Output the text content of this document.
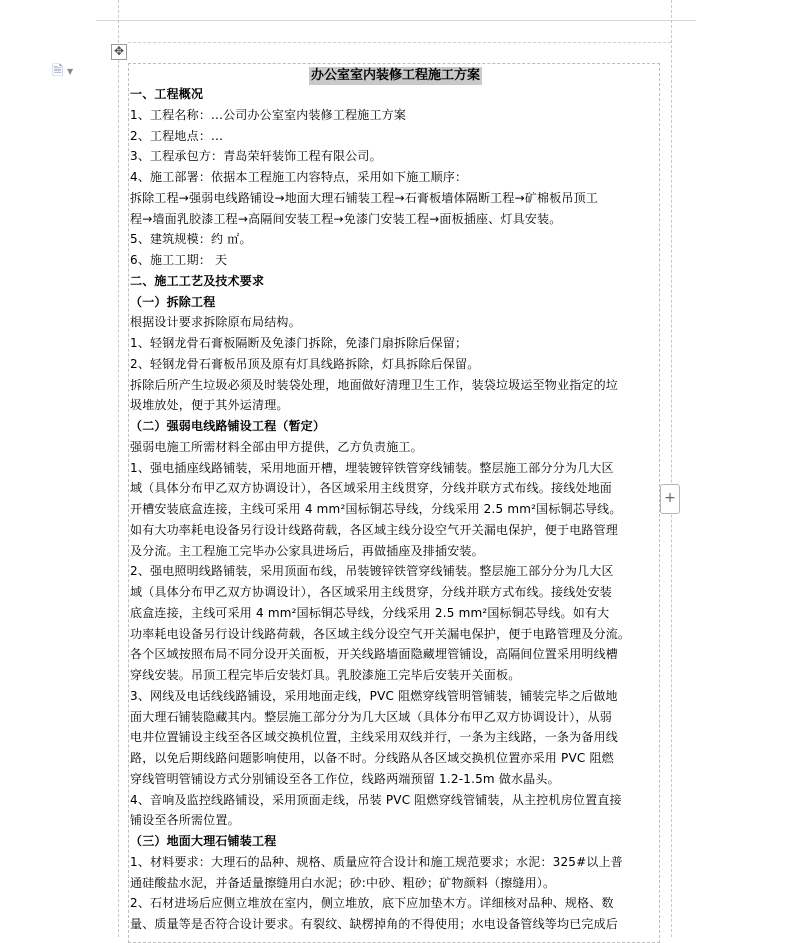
🗎 ▼
✥
+
办公室室内装修工程施工方案
一、工程概况
1、工程名称：...公司办公室室内装修工程施工方案
2、工程地点：...
3、工程承包方：青岛荣轩装饰工程有限公司。
4、施工部署：依据本工程施工内容特点，采用如下施工顺序：
拆除工程→强弱电线路铺设→地面大理石铺装工程→石膏板墙体隔断工程→矿棉板吊顶工
程→墙面乳胶漆工程→高隔间安装工程→免漆门安装工程→面板插座、灯具安装。
5、建筑规模：约 ㎡。
6、施工工期： 天
二、施工工艺及技术要求
（一）拆除工程
根据设计要求拆除原布局结构。
1、轻钢龙骨石膏板隔断及免漆门拆除，免漆门扇拆除后保留；
2、轻钢龙骨石膏板吊顶及原有灯具线路拆除，灯具拆除后保留。
拆除后所产生垃圾必须及时装袋处理，地面做好清理卫生工作，装袋垃圾运至物业指定的垃
圾堆放处，便于其外运清理。
（二）强弱电线路铺设工程（暂定）
强弱电施工所需材料全部由甲方提供，乙方负责施工。
1、强电插座线路铺装，采用地面开槽，埋装镀锌铁管穿线铺装。整层施工部分分为几大区
域（具体分布甲乙双方协调设计），各区域采用主线贯穿，分线并联方式布线。接线处地面
开槽安装底盒连接，主线可采用 4 mm²国标铜芯导线，分线采用 2.5 mm²国标铜芯导线。
如有大功率耗电设备另行设计线路荷载，各区域主线分设空气开关漏电保护，便于电路管理
及分流。主工程施工完毕办公家具进场后，再做插座及排插安装。
2、强电照明线路铺装，采用顶面布线，吊装镀锌铁管穿线铺装。整层施工部分分为几大区
域（具体分布甲乙双方协调设计），各区域采用主线贯穿，分线并联方式布线。接线处安装
底盒连接，主线可采用 4 mm²国标铜芯导线，分线采用 2.5 mm²国标铜芯导线。如有大
功率耗电设备另行设计线路荷载，各区域主线分设空气开关漏电保护，便于电路管理及分流。
各个区域按照布局不同分设开关面板，开关线路墙面隐藏埋管铺设，高隔间位置采用明线槽
穿线安装。吊顶工程完毕后安装灯具。乳胶漆施工完毕后安装开关面板。
3、网线及电话线线路铺设，采用地面走线，PVC 阻燃穿线管明管铺装，铺装完毕之后做地
面大理石铺装隐藏其内。整层施工部分分为几大区域（具体分布甲乙双方协调设计），从弱
电井位置铺设主线至各区域交换机位置，主线采用双线并行，一条为主线路，一条为备用线
路，以免后期线路问题影响使用，以备不时。分线路从各区域交换机位置亦采用 PVC 阻燃
穿线管明管铺设方式分别铺设至各工作位，线路两端预留 1.2-1.5m 做水晶头。
4、音响及监控线路铺设，采用顶面走线，吊装 PVC 阻燃穿线管铺装，从主控机房位置直接
铺设至各所需位置。
（三）地面大理石铺装工程
1、材料要求：大理石的品种、规格、质量应符合设计和施工规范要求；水泥：325#以上普
通硅酸盐水泥，并备适量擦缝用白水泥；砂:中砂、粗砂；矿物颜料（擦缝用）。
2、石材进场后应侧立堆放在室内，侧立堆放，底下应加垫木方。详细核对品种、规格、数
量、质量等是否符合设计要求。有裂纹、缺楞掉角的不得使用；水电设备管线等均已完成后
